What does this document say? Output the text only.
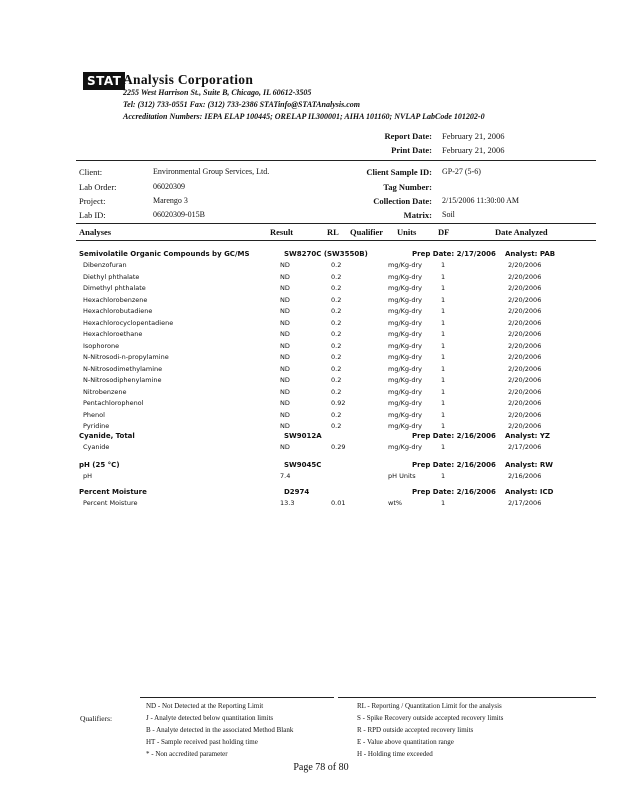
STAT Analysis Corporation
2255 West Harrison St., Suite B, Chicago, IL 60612-3505
Tel: (312) 733-0551 Fax: (312) 733-2386 STATinfo@STATAnalysis.com
Accreditation Numbers: IEPA ELAP 100445; ORELAP IL300001; AIHA 101160; NVLAP LabCode 101202-0
Report Date: February 21, 2006
Print Date: February 21, 2006
Client:	Environmental Group Services, Ltd.
Lab Order:	06020309
Project:	Marengo 3
Lab ID:	06020309-015B
Client Sample ID: GP-27 (5-6)
Tag Number:
Collection Date: 2/15/2006 11:30:00 AM
Matrix: Soil
Analyses	Result	RL Qualifier Units	DF	Date Analyzed
Semivolatile Organic Compounds by GC/MS	SW8270C (SW3550B)	Prep Date: 2/17/2006 Analyst: PAB
Dibenzofuran	ND	0.2	mg/Kg-dry	1	2/20/2006
Diethyl phthalate	ND	0.2	mg/Kg-dry	1	2/20/2006
Dimethyl phthalate	ND	0.2	mg/Kg-dry	1	2/20/2006
Hexachlorobenzene	ND	0.2	mg/Kg-dry	1	2/20/2006
Hexachlorobutadiene	ND	0.2	mg/Kg-dry	1	2/20/2006
Hexachlorocyclopentadiene	ND	0.2	mg/Kg-dry	1	2/20/2006
Hexachloroethane	ND	0.2	mg/Kg-dry	1	2/20/2006
Isophorone	ND	0.2	mg/Kg-dry	1	2/20/2006
N-Nitrosodi-n-propylamine	ND	0.2	mg/Kg-dry	1	2/20/2006
N-Nitrosodimethylamine	ND	0.2	mg/Kg-dry	1	2/20/2006
N-Nitrosodiphenylamine	ND	0.2	mg/Kg-dry	1	2/20/2006
Nitrobenzene	ND	0.2	mg/Kg-dry	1	2/20/2006
Pentachlorophenol	ND	0.92	mg/Kg-dry	1	2/20/2006
Phenol	ND	0.2	mg/Kg-dry	1	2/20/2006
Pyridine	ND	0.2	mg/Kg-dry	1	2/20/2006
Cyanide, Total	SW9012A	Prep Date: 2/16/2006 Analyst: YZ
Cyanide	ND	0.29	mg/Kg-dry	1	2/17/2006
pH (25 °C)	SW9045C	Prep Date: 2/16/2006 Analyst: RW
pH	7.4	pH Units	1	2/16/2006
Percent Moisture	D2974	Prep Date: 2/16/2006 Analyst: ICD
Percent Moisture	13.3	0.01	wt%	1	2/17/2006
Qualifiers:
ND - Not Detected at the Reporting Limit
J - Analyte detected below quantitation limits
B - Analyte detected in the associated Method Blank
HT - Sample received past holding time
* - Non accredited parameter
RL - Reporting / Quantitation Limit for the analysis
S - Spike Recovery outside accepted recovery limits
R - RPD outside accepted recovery limits
E - Value above quantitation range
H - Holding time exceeded
Page 78 of 80
